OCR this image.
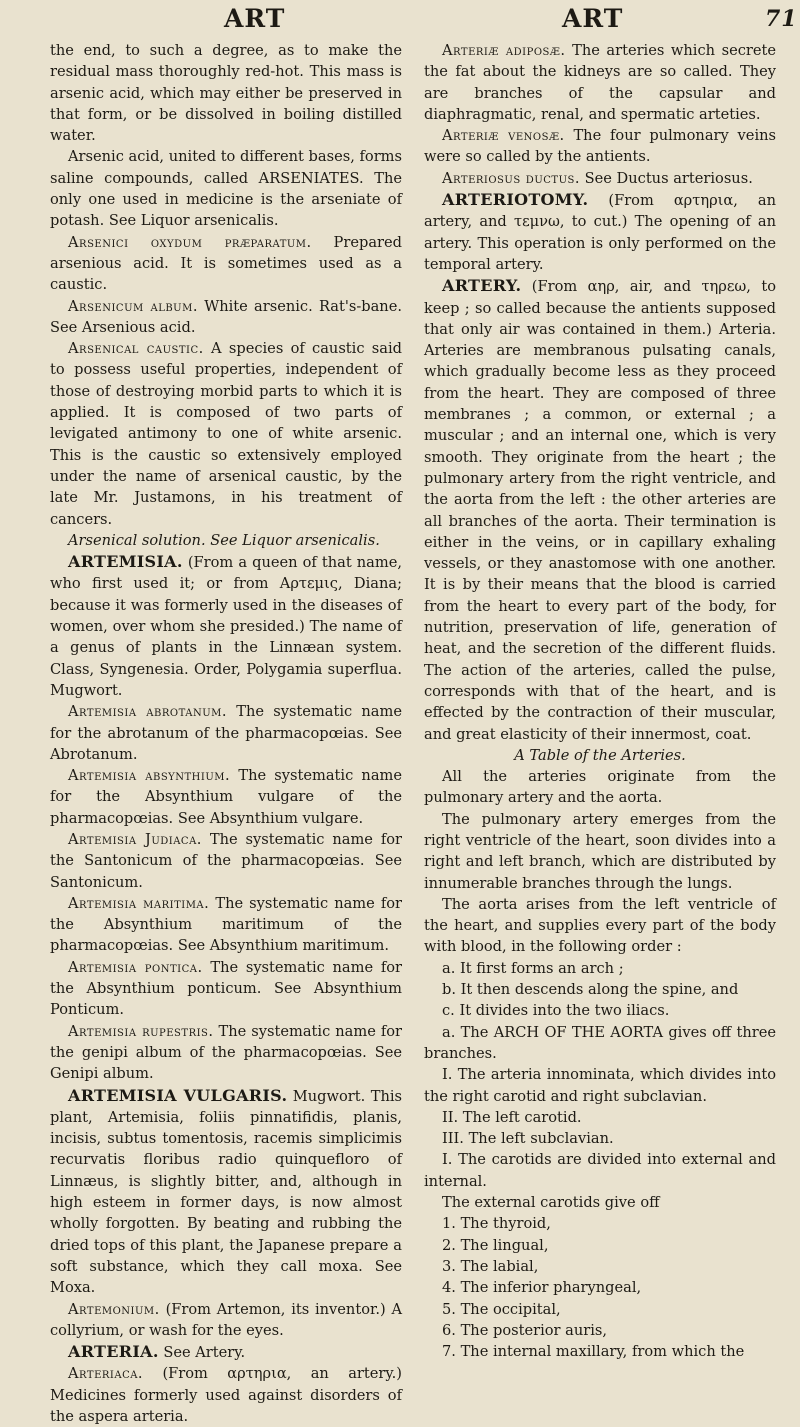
ART	ART	71

the end, to such a degree, as to make the residual mass thoroughly red-hot. This mass is arsenic acid, which may either be preserved in that form, or be dissolved in boiling distilled water.

Arsenic acid, united to different bases, forms saline compounds, called ARSENIATES. The only one used in medicine is the arseniate of potash. See Liquor arsenicalis.

Arsenici oxydum præparatum. Prepared arsenious acid. It is sometimes used as a caustic.

Arsenicum album. White arsenic. Rat's-bane. See Arsenious acid.

Arsenical caustic. A species of caustic said to possess useful properties, independent of those of destroying morbid parts to which it is applied. It is composed of two parts of levigated antimony to one of white arsenic. This is the caustic so extensively employed under the name of arsenical caustic, by the late Mr. Justamons, in his treatment of cancers.

Arsenical solution. See Liquor arsenicalis.

ARTEMISIA. (From a queen of that name, who first used it; or from Αρτεμις, Diana; because it was formerly used in the diseases of women, over whom she presided.) The name of a genus of plants in the Linnæan system. Class, Syngenesia. Order, Polygamia superflua. Mugwort.

Artemisia abrotanum. The systematic name for the abrotanum of the pharmacopœias. See Abrotanum.

Artemisia absynthium. The systematic name for the Absynthium vulgare of the pharmacopœias. See Absynthium vulgare.

Artemisia Judiaca. The systematic name for the Santonicum of the pharmacopœias. See Santonicum.

Artemisia maritima. The systematic name for the Absynthium maritimum of the pharmacopœias. See Absynthium maritimum.

Artemisia pontica. The systematic name for the Absynthium ponticum. See Absynthium Ponticum.

Artemisia rupestris. The systematic name for the genipi album of the pharmacopœias. See Genipi album.

ARTEMISIA VULGARIS. Mugwort. This plant, Artemisia, foliis pinnatifidis, planis, incisis, subtus tomentosis, racemis simplicimis recurvatis floribus radio quinquefloro of Linnæus, is slightly bitter, and, although in high esteem in former days, is now almost wholly forgotten. By beating and rubbing the dried tops of this plant, the Japanese prepare a soft substance, which they call moxa. See Moxa.

Artemonium. (From Artemon, its inventor.) A collyrium, or wash for the eyes.

ARTERIA. See Artery.

Arteriaca. (From αρτηρια, an artery.) Medicines formerly used against disorders of the aspera arteria.

Arteriæ adiposæ. The arteries which secrete the fat about the kidneys are so called. They are branches of the capsular and diaphragmatic, renal, and spermatic arteties.

Arteriæ venosæ. The four pulmonary veins were so called by the antients.

Arteriosus ductus. See Ductus arteriosus.

ARTERIOTOMY. (From αρτηρια, an artery, and τεμνω, to cut.) The opening of an artery. This operation is only performed on the temporal artery.

ARTERY. (From αηρ, air, and τηρεω, to keep ; so called because the antients supposed that only air was contained in them.) Arteria. Arteries are membranous pulsating canals, which gradually become less as they proceed from the heart. They are composed of three membranes ; a common, or external ; a muscular ; and an internal one, which is very smooth. They originate from the heart ; the pulmonary artery from the right ventricle, and the aorta from the left : the other arteries are all branches of the aorta. Their termination is either in the veins, or in capillary exhaling vessels, or they anastomose with one another. It is by their means that the blood is carried from the heart to every part of the body, for nutrition, preservation of life, generation of heat, and the secretion of the different fluids. The action of the arteries, called the pulse, corresponds with that of the heart, and is effected by the contraction of their muscular, and great elasticity of their innermost, coat.

A Table of the Arteries.

All the arteries originate from the pulmonary artery and the aorta.

The pulmonary artery emerges from the right ventricle of the heart, soon divides into a right and left branch, which are distributed by innumerable branches through the lungs.

The aorta arises from the left ventricle of the heart, and supplies every part of the body with blood, in the following order :

a. It first forms an arch ;

b. It then descends along the spine, and

c. It divides into the two iliacs.

a. The ARCH OF THE AORTA gives off three branches.

I. The arteria innominata, which divides into the right carotid and right subclavian.

II. The left carotid.

III. The left subclavian.

I. The carotids are divided into external and internal.

The external carotids give off

1. The thyroid,

2. The lingual,

3. The labial,

4. The inferior pharyngeal,

5. The occipital,

6. The posterior auris,

7. The internal maxillary, from which the
